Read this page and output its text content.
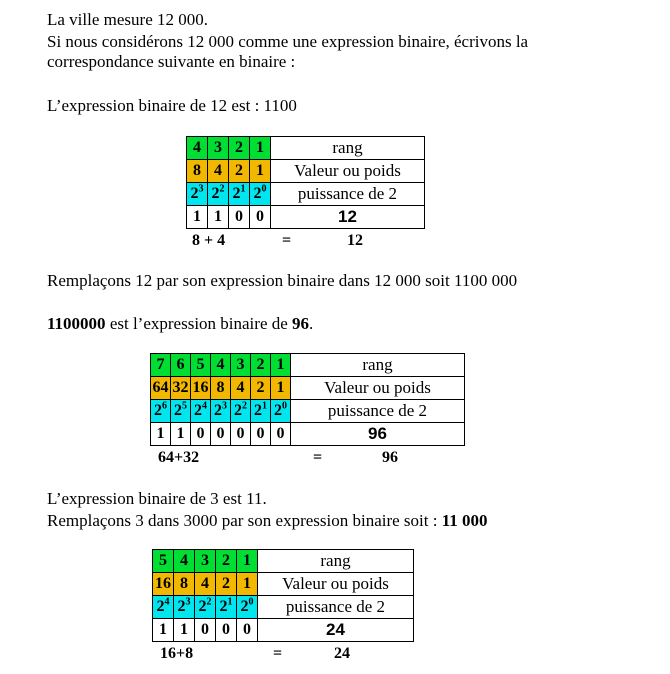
La ville mesure 12 000.
Si nous considérons 12 000 comme une expression binaire, écrivons la
correspondance suivante en binaire :
L’expression binaire de 12 est : 1100
4	3	2	1	rang
8	4	2	1	Valeur ou poids
$2^3$	$2^2$	$2^1$	$2^0$	puissance de 2
1	1	0	0	12
8 + 4	=	12
Remplaçons 12 par son expression binaire dans 12 000 soit 1100 000
1100000 est l’expression binaire de 96.
7	6	5	4	3	2	1	rang
64	32	16	8	4	2	1	Valeur ou poids
$2^6$	$2^5$	$2^4$	$2^3$	$2^2$	$2^1$	$2^0$	puissance de 2
1	1	0	0	0	0	0	96
64+32	=	96
L’expression binaire de 3 est 11.
Remplaçons 3 dans 3000 par son expression binaire soit : 11 000
5	4	3	2	1	rang
16	8	4	2	1	Valeur ou poids
$2^4$	$2^3$	$2^2$	$2^1$	$2^0$	puissance de 2
1	1	0	0	0	24
16+8	=	24
